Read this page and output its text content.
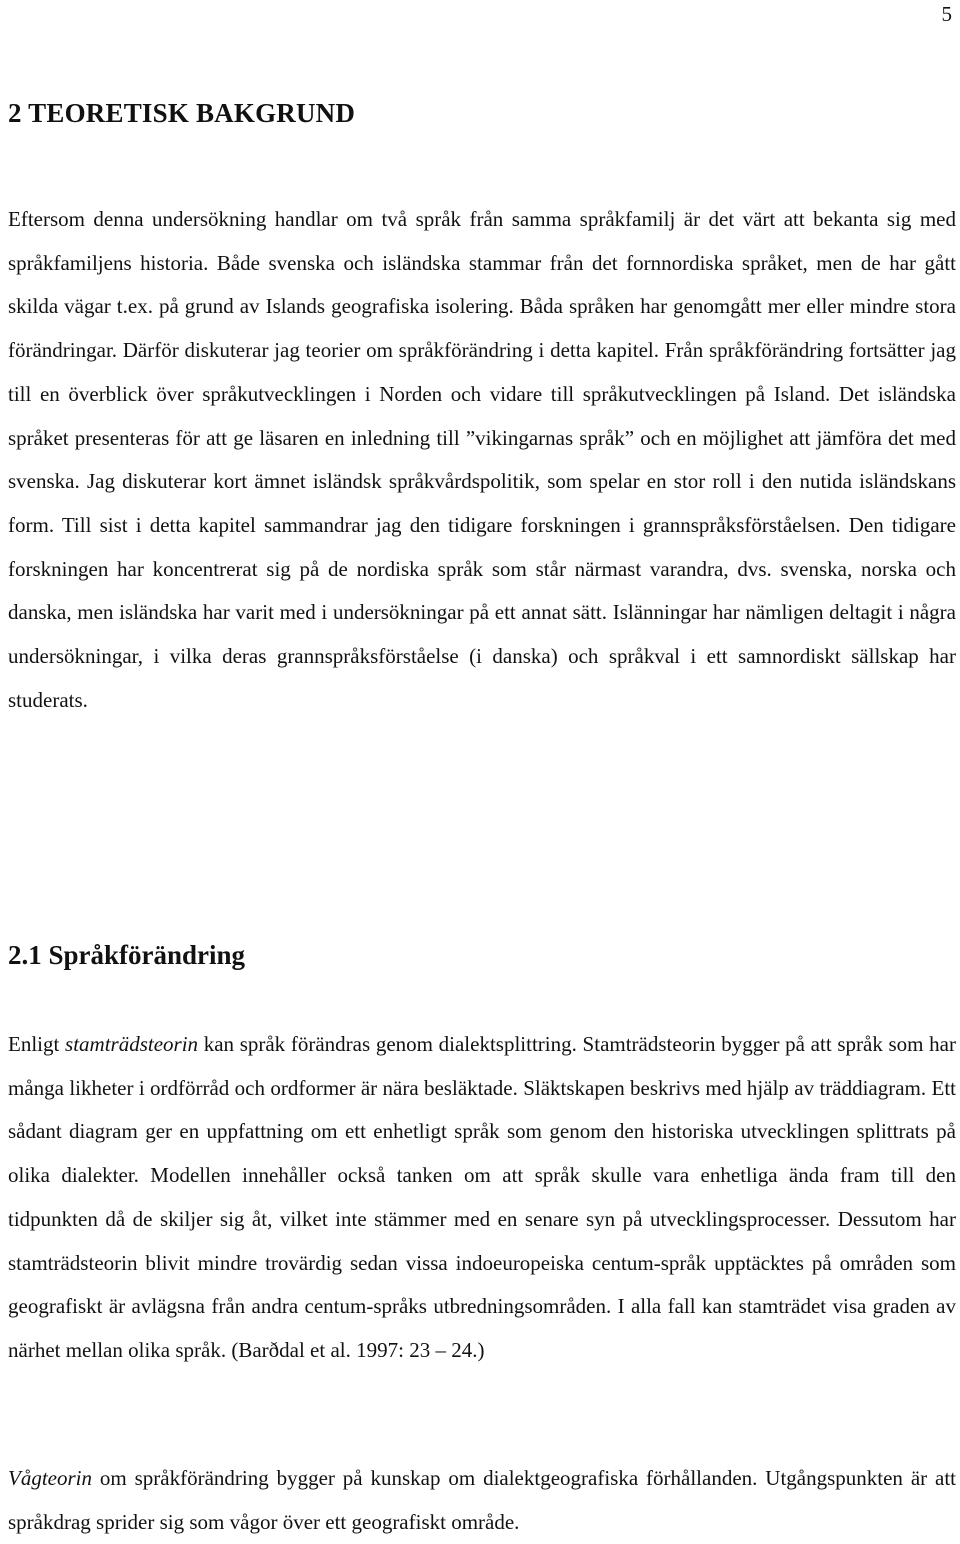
5
2 TEORETISK BAKGRUND

Eftersom denna undersökning handlar om två språk från samma språkfamilj är det värt att bekanta sig med språkfamiljens historia. Både svenska och isländska stammar från det fornnordiska språket, men de har gått skilda vägar t.ex. på grund av Islands geografiska isolering. Båda språken har genomgått mer eller mindre stora förändringar. Därför diskuterar jag teorier om språkförändring i detta kapitel. Från språkförändring fortsätter jag till en överblick över språkutvecklingen i Norden och vidare till språkutvecklingen på Island. Det isländska språket presenteras för att ge läsaren en inledning till ”vikingarnas språk” och en möjlighet att jämföra det med svenska. Jag diskuterar kort ämnet isländsk språkvårdspolitik, som spelar en stor roll i den nutida isländskans form. Till sist i detta kapitel sammandrar jag den tidigare forskningen i grannspråksförståelsen. Den tidigare forskningen har koncentrerat sig på de nordiska språk som står närmast varandra, dvs. svenska, norska och danska, men isländska har varit med i undersökningar på ett annat sätt. Islänningar har nämligen deltagit i några undersökningar, i vilka deras grannspråksförståelse (i danska) och språkval i ett samnordiskt sällskap har studerats.

2.1 Språkförändring

Enligt stamträdsteorin kan språk förändras genom dialektsplittring. Stamträdsteorin bygger på att språk som har många likheter i ordförråd och ordformer är nära besläktade. Släktskapen beskrivs med hjälp av träddiagram. Ett sådant diagram ger en uppfattning om ett enhetligt språk som genom den historiska utvecklingen splittrats på olika dialekter. Modellen innehåller också tanken om att språk skulle vara enhetliga ända fram till den tidpunkten då de skiljer sig åt, vilket inte stämmer med en senare syn på utvecklingsprocesser. Dessutom har stamträdsteorin blivit mindre trovärdig sedan vissa indoeuropeiska centum-språk upptäcktes på områden som geografiskt är avlägsna från andra centum-språks utbredningsområden. I alla fall kan stamträdet visa graden av närhet mellan olika språk. (Barðdal et al. 1997: 23 – 24.)

Vågteorin om språkförändring bygger på kunskap om dialektgeografiska förhållanden. Utgångspunkten är att språkdrag sprider sig som vågor över ett geografiskt område.
